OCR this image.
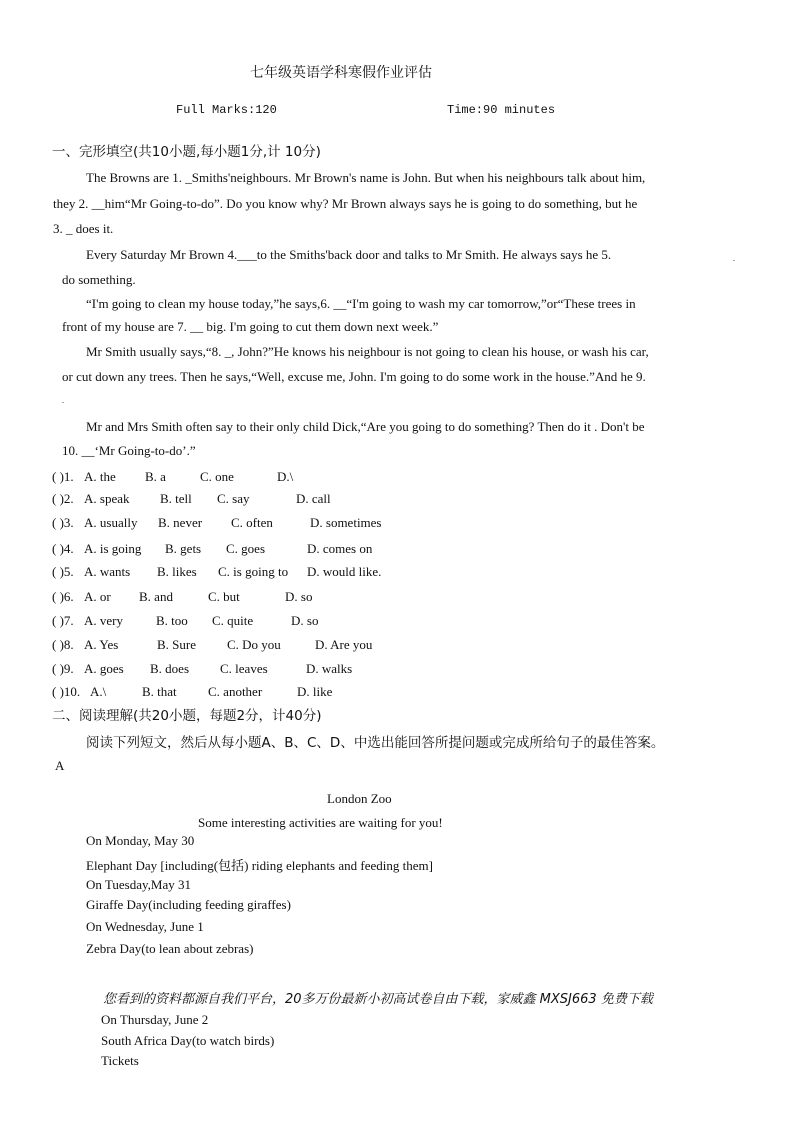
七年级英语学科寒假作业评估
Full Marks:120	Time:90 minutes
一、完形填空(共10小题,每小题1分,计 10分)
The Browns are 1. _Smiths'neighbours. Mr Brown's name is John. But when his neighbours talk about him,
they 2. __him“Mr Going-to-do”. Do you know why? Mr Brown always says he is going to do something, but he
3. _ does it.
Every Saturday Mr Brown 4.___to the Smiths'back door and talks to Mr Smith. He always says he 5.	.
do something.
“I'm going to clean my house today,”he says,6. __“I'm going to wash my car tomorrow,”or“These trees in
front of my house are 7. __ big. I'm going to cut them down next week.”
Mr Smith usually says,“8. _, John?”He knows his neighbour is not going to clean his house, or wash his car,
or cut down any trees. Then he says,“Well, excuse me, John. I'm going to do some work in the house.”And he 9.
.
Mr and Mrs Smith often say to their only child Dick,“Are you going to do something? Then do it . Don't be
10. __‘Mr Going-to-do’.”
( )1. A. the B. a	C. one	D.\
( )2. A. speak B. tell C. say	D. call
( )3. A. usually B. never C. often	D. sometimes
( )4. A. is going B. gets C. goes	D. comes on
( )5. A. wants B. likes C. is going to D. would like.
( )6. A. or B. and	C. but	D. so
( )7. A. very	B. too C. quite	D. so
( )8. A. Yes	B. Sure C. Do you	D. Are you
( )9. A. goes B. does C. leaves	D. walks
( )10. A.\	B. that C. another	D. like
二、阅读理解(共20小题，每题2分，计40分)
阅读下列短文，然后从每小题A、B、C、D、中选出能回答所提问题或完成所给句子的最佳答案。
A
London Zoo
Some interesting activities are waiting for you!
On Monday, May 30
Elephant Day [including(包括) riding elephants and feeding them]
On Tuesday,May 31
Giraffe Day(including feeding giraffes)
On Wednesday, June 1
Zebra Day(to lean about zebras)
您看到的资料都源自我们平台，20多万份最新小初高试卷自由下载，家威鑫 MXSJ663 免费下载
On Thursday, June 2
South Africa Day(to watch birds)
Tickets
